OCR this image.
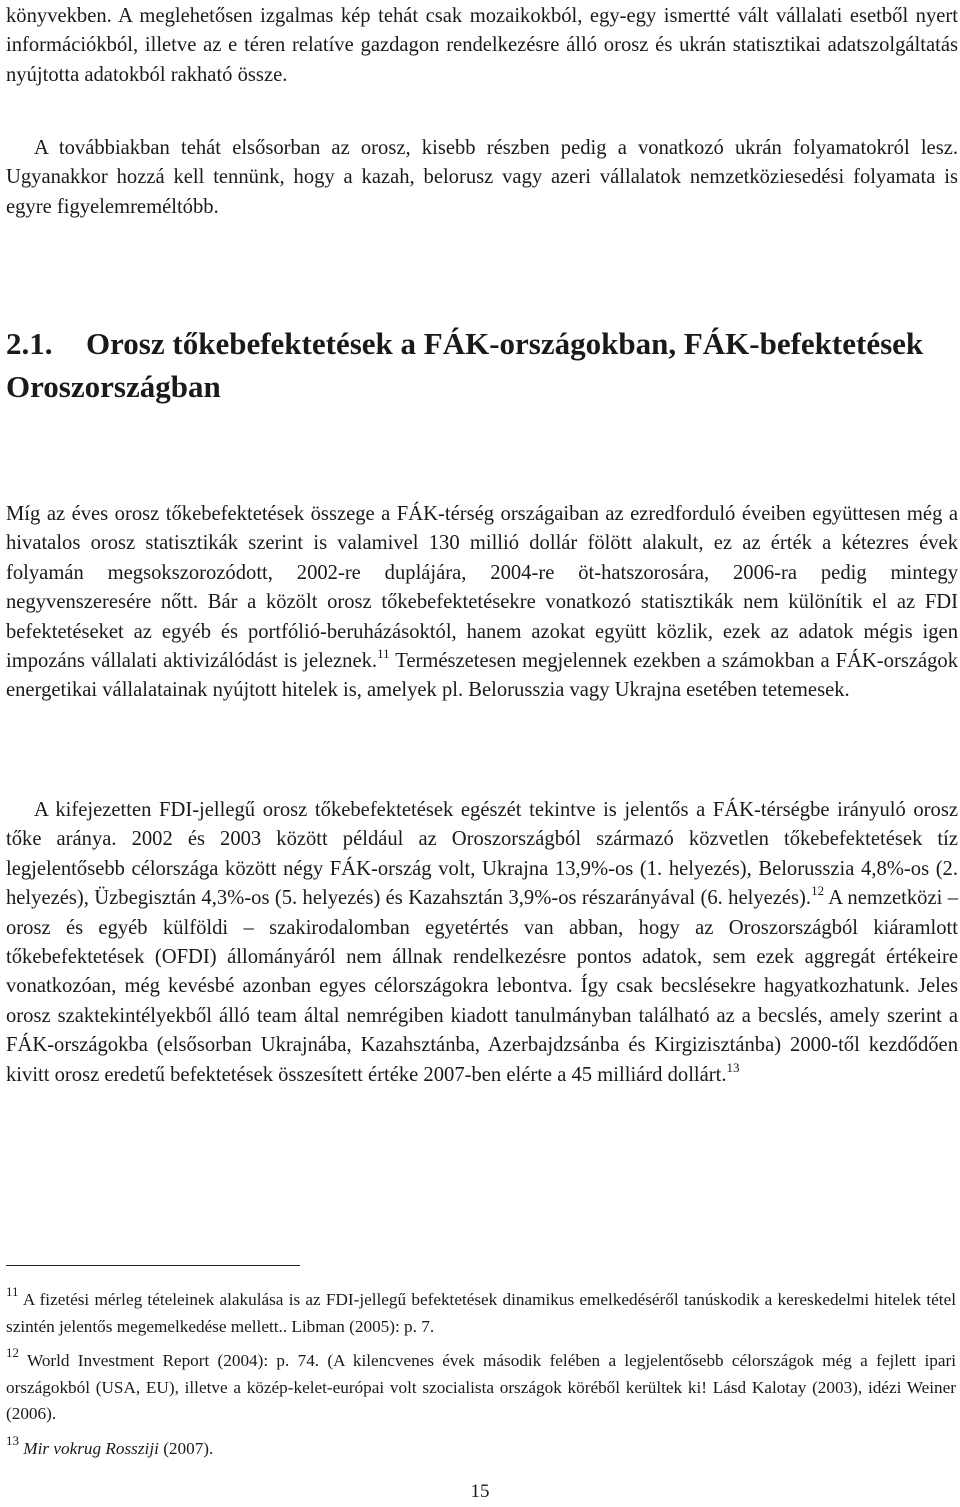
könyvekben. A meglehetősen izgalmas kép tehát csak mozaikokból, egy-egy ismertté vált vállalati esetből nyert információkból, illetve az e téren relatíve gazdagon rendelkezésre álló orosz és ukrán statisztikai adatszolgáltatás nyújtotta adatokból rakható össze.

A továbbiakban tehát elsősorban az orosz, kisebb részben pedig a vonatkozó ukrán folyamatokról lesz. Ugyanakkor hozzá kell tennünk, hogy a kazah, belorusz vagy azeri vállalatok nemzetköziesedési folyamata is egyre figyelemreméltóbb.

2.1. Orosz tőkebefektetések a FÁK-országokban, FÁK-befektetések Oroszországban

Míg az éves orosz tőkebefektetések összege a FÁK-térség országaiban az ezredforduló éveiben együttesen még a hivatalos orosz statisztikák szerint is valamivel 130 millió dollár fölött alakult, ez az érték a kétezres évek folyamán megsokszorozódott, 2002-re duplájára, 2004-re öt-hatszorosára, 2006-ra pedig mintegy negyvenszeresére nőtt. Bár a közölt orosz tőkebefektetésekre vonatkozó statisztikák nem különítik el az FDI befektetéseket az egyéb és portfólió-beruházásoktól, hanem azokat együtt közlik, ezek az adatok mégis igen impozáns vállalati aktivizálódást is jeleznek.$^{11}$ Természetesen megjelennek ezekben a számokban a FÁK-országok energetikai vállalatainak nyújtott hitelek is, amelyek pl. Belorusszia vagy Ukrajna esetében tetemesek.

A kifejezetten FDI-jellegű orosz tőkebefektetések egészét tekintve is jelentős a FÁK-térségbe irányuló orosz tőke aránya. 2002 és 2003 között például az Oroszországból származó közvetlen tőkebefektetések tíz legjelentősebb célországa között négy FÁK-ország volt, Ukrajna 13,9%-os (1. helyezés), Belorusszia 4,8%-os (2. helyezés), Üzbegisztán 4,3%-os (5. helyezés) és Kazahsztán 3,9%-os részarányával (6. helyezés).$^{12}$ A nemzetközi – orosz és egyéb külföldi – szakirodalomban egyetértés van abban, hogy az Oroszországból kiáramlott tőkebefektetések (OFDI) állományáról nem állnak rendelkezésre pontos adatok, sem ezek aggregát értékeire vonatkozóan, még kevésbé azonban egyes célországokra lebontva. Így csak becslésekre hagyatkozhatunk. Jeles orosz szaktekintélyekből álló team által nemrégiben kiadott tanulmányban található az a becslés, amely szerint a FÁK-országokba (elsősorban Ukrajnába, Kazahsztánba, Azerbajdzsánba és Kirgizisztánba) 2000-től kezdődően kivitt orosz eredetű befektetések összesített értéke 2007-ben elérte a 45 milliárd dollárt.$^{13}$

$^{11}$ A fizetési mérleg tételeinek alakulása is az FDI-jellegű befektetések dinamikus emelkedéséről tanúskodik a kereskedelmi hitelek tétel szintén jelentős megemelkedése mellett.. Libman (2005): p. 7.

$^{12}$ World Investment Report (2004): p. 74. (A kilencvenes évek második felében a legjelentősebb célországok még a fejlett ipari országokból (USA, EU), illetve a közép-kelet-európai volt szocialista országok köréből kerültek ki! Lásd Kalotay (2003), idézi Weiner (2006).

$^{13}$ Mir vokrug Rossziji (2007).

15
